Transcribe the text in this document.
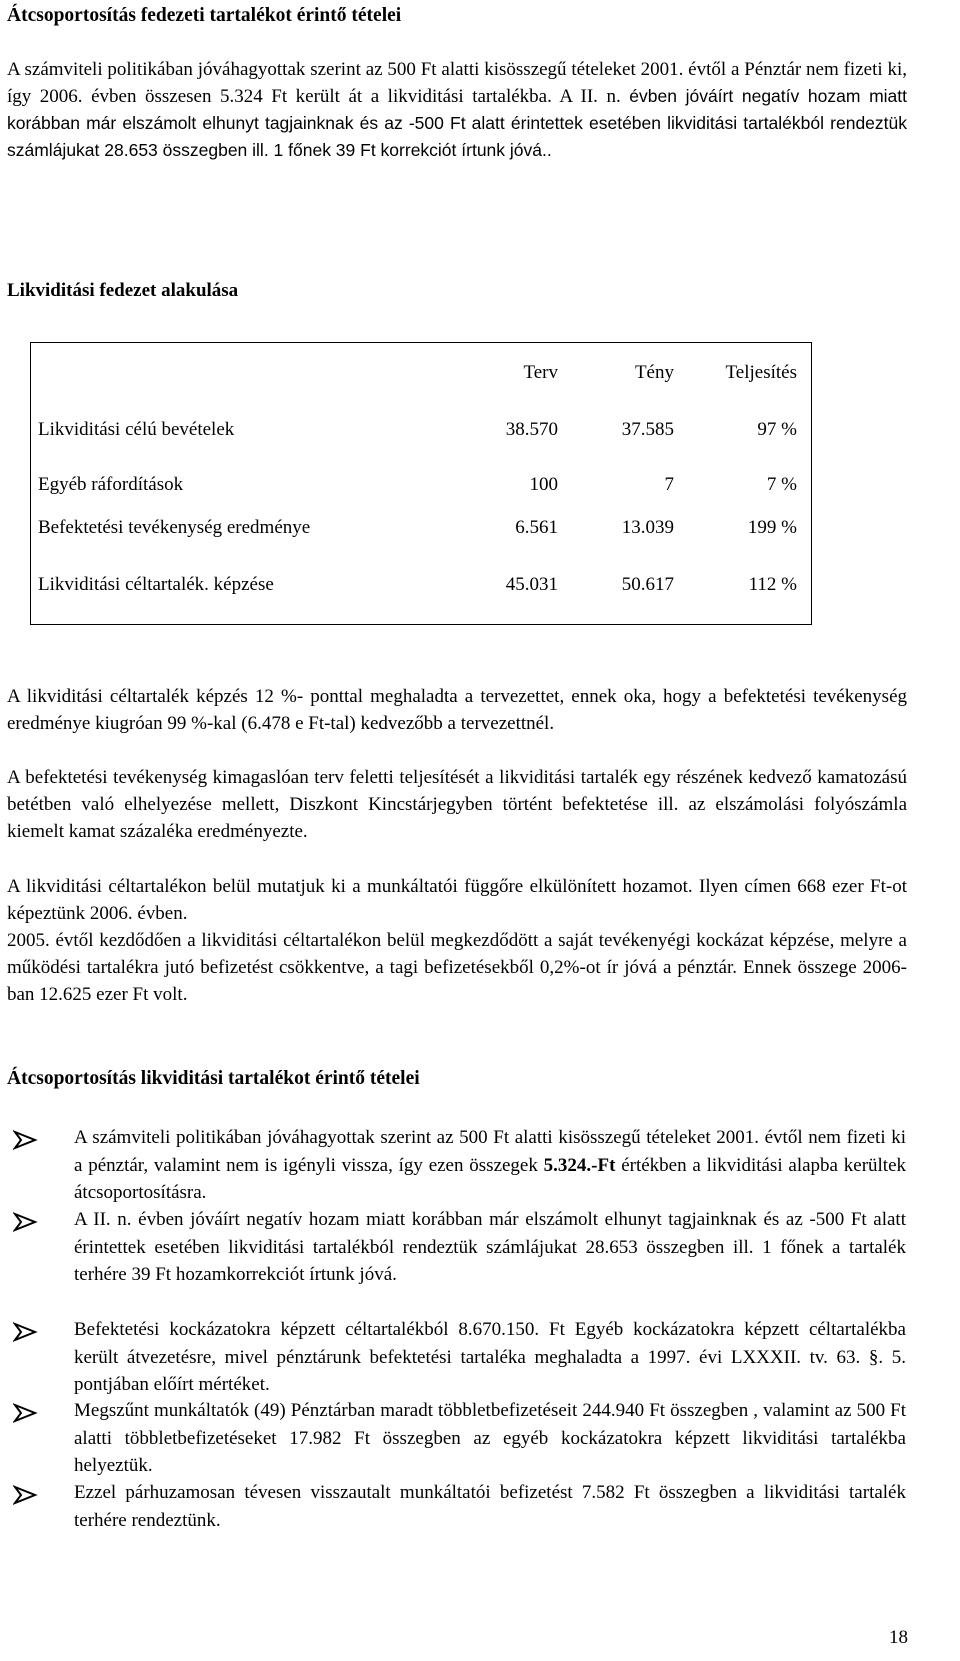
Átcsoportosítás fedezeti tartalékot érintő tételei

A számviteli politikában jóváhagyottak szerint az 500 Ft alatti kisösszegű tételeket 2001. évtől a Pénztár nem fizeti ki, így 2006. évben összesen 5.324 Ft került át a likviditási tartalékba. A II. n. évben jóváírt negatív hozam miatt korábban már elszámolt elhunyt tagjainknak és az -500 Ft alatt érintettek esetében likviditási tartalékból rendeztük számlájukat 28.653 összegben ill. 1 főnek 39 Ft korrekciót írtunk jóvá..

Likviditási fedezet alakulása
Terv	Tény	Teljesítés
Likviditási célú bevételek	38.570	37.585	97 %
Egyéb ráfordítások	100	7	7 %
Befektetési tevékenység eredménye	6.561	13.039	199 %
Likviditási céltartalék. képzése	45.031	50.617	112 %

A likviditási céltartalék képzés 12 %- ponttal meghaladta a tervezettet, ennek oka, hogy a befektetési tevékenység eredménye kiugróan 99 %-kal (6.478 e Ft-tal) kedvezőbb a tervezettnél.

A befektetési tevékenység kimagaslóan terv feletti teljesítését a likviditási tartalék egy részének kedvező kamatozású betétben való elhelyezése mellett, Diszkont Kincstárjegyben történt befektetése ill. az elszámolási folyószámla kiemelt kamat százaléka eredményezte.

A likviditási céltartalékon belül mutatjuk ki a munkáltatói függőre elkülönített hozamot. Ilyen címen 668 ezer Ft-ot képeztünk 2006. évben.

2005. évtől kezdődően a likviditási céltartalékon belül megkezdődött a saját tevékenyégi kockázat képzése, melyre a működési tartalékra jutó befizetést csökkentve, a tagi befizetésekből 0,2%-ot ír jóvá a pénztár. Ennek összege 2006-ban 12.625 ezer Ft volt.

Átcsoportosítás likviditási tartalékot érintő tételei

A számviteli politikában jóváhagyottak szerint az 500 Ft alatti kisösszegű tételeket 2001. évtől nem fizeti ki a pénztár, valamint nem is igényli vissza, így ezen összegek 5.324.-Ft értékben a likviditási alapba kerültek átcsoportosításra.

A II. n. évben jóváírt negatív hozam miatt korábban már elszámolt elhunyt tagjainknak és az -500 Ft alatt érintettek esetében likviditási tartalékból rendeztük számlájukat 28.653 összegben ill. 1 főnek a tartalék terhére 39 Ft hozamkorrekciót írtunk jóvá.

Befektetési kockázatokra képzett céltartalékból 8.670.150. Ft Egyéb kockázatokra képzett céltartalékba került átvezetésre, mivel pénztárunk befektetési tartaléka meghaladta a 1997. évi LXXXII. tv. 63. §. 5. pontjában előírt mértéket.

Megszűnt munkáltatók (49) Pénztárban maradt többletbefizetéseit 244.940 Ft összegben , valamint az 500 Ft alatti többletbefizetéseket 17.982 Ft összegben az egyéb kockázatokra képzett likviditási tartalékba helyeztük.

Ezzel párhuzamosan tévesen visszautalt munkáltatói befizetést 7.582 Ft összegben a likviditási tartalék terhére rendeztünk.

18
